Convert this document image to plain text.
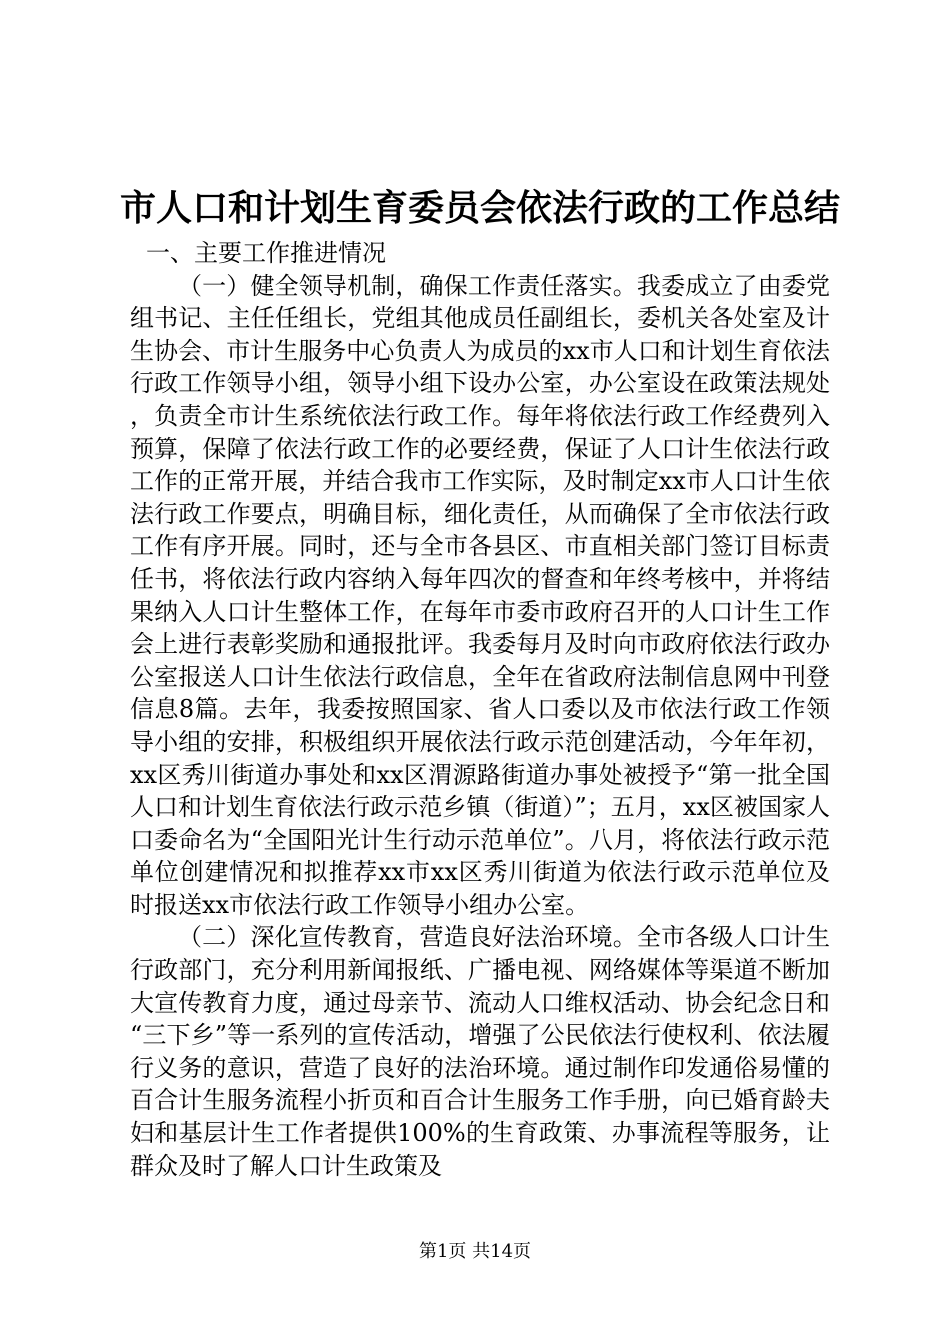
市人口和计划生育委员会依法行政的工作总结

一、主要工作推进情况

（一）健全领导机制，确保工作责任落实。我委成立了由委党组书记、主任任组长，党组其他成员任副组长，委机关各处室及计生协会、市计生服务中心负责人为成员的xx市人口和计划生育依法行政工作领导小组，领导小组下设办公室，办公室设在政策法规处，负责全市计生系统依法行政工作。每年将依法行政工作经费列入预算，保障了依法行政工作的必要经费，保证了人口计生依法行政工作的正常开展，并结合我市工作实际，及时制定xx市人口计生依法行政工作要点，明确目标，细化责任，从而确保了全市依法行政工作有序开展。同时，还与全市各县区、市直相关部门签订目标责任书，将依法行政内容纳入每年四次的督查和年终考核中，并将结果纳入人口计生整体工作，在每年市委市政府召开的人口计生工作会上进行表彰奖励和通报批评。我委每月及时向市政府依法行政办公室报送人口计生依法行政信息，全年在省政府法制信息网中刊登信息8篇。去年，我委按照国家、省人口委以及市依法行政工作领导小组的安排，积极组织开展依法行政示范创建活动，今年年初，xx区秀川街道办事处和xx区渭源路街道办事处被授予“第一批全国人口和计划生育依法行政示范乡镇（街道）”；五月，xx区被国家人口委命名为“全国阳光计生行动示范单位”。八月，将依法行政示范单位创建情况和拟推荐xx市xx区秀川街道为依法行政示范单位及时报送xx市依法行政工作领导小组办公室。

（二）深化宣传教育，营造良好法治环境。全市各级人口计生行政部门，充分利用新闻报纸、广播电视、网络媒体等渠道不断加大宣传教育力度，通过母亲节、流动人口维权活动、协会纪念日和“三下乡”等一系列的宣传活动，增强了公民依法行使权利、依法履行义务的意识，营造了良好的法治环境。通过制作印发通俗易懂的百合计生服务流程小折页和百合计生服务工作手册，向已婚育龄夫妇和基层计生工作者提供100%的生育政策、办事流程等服务，让群众及时了解人口计生政策及

第1页 共14页
